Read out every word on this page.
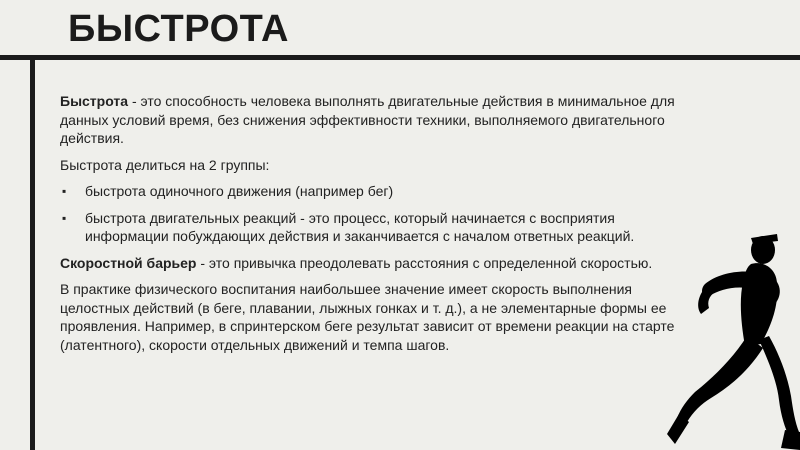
БЫСТРОТА

Быстрота - это способность человека выполнять двигательные действия в минимальное для данных условий время, без снижения эффективности техники, выполняемого двигательного действия.

Быстрота делиться на 2 группы:

▪ быстрота одиночного движения (например бег)
▪ быстрота двигательных реакций - это процесс, который начинается с восприятия информации побуждающих действия и заканчивается с началом ответных реакций.

Скоростной барьер - это привычка преодолевать расстояния с определенной скоростью.

В практике физического воспитания наибольшее значение имеет скорость выполнения целостных действий (в беге, плавании, лыжных гонках и т. д.), а не элементарные формы ее проявления. Например, в спринтерском беге результат зависит от времени реакции на старте (латентного), скорости отдельных движений и темпа шагов.
